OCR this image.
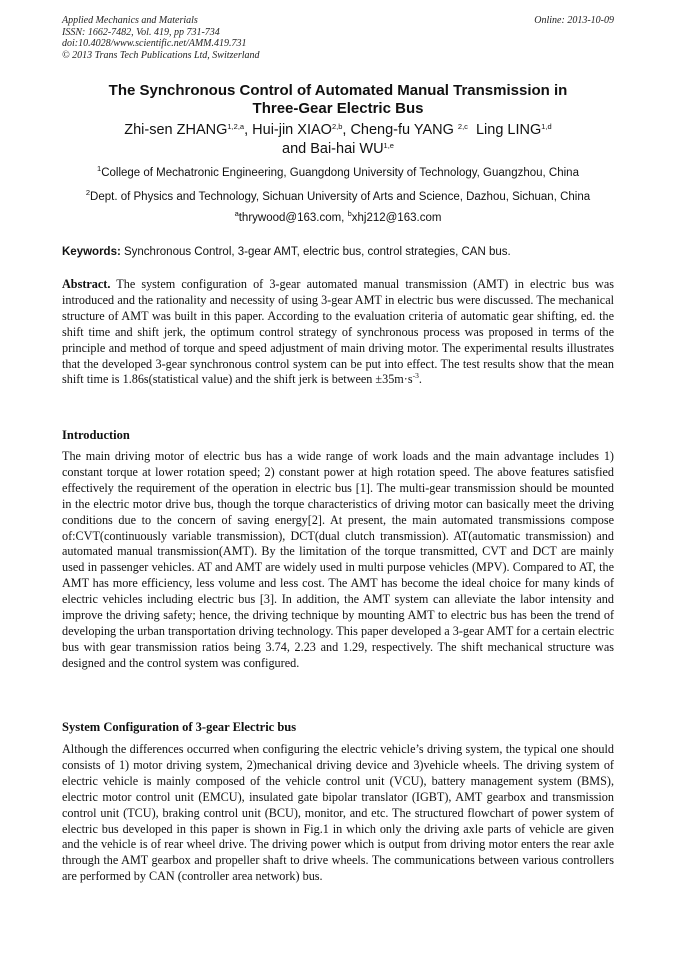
Applied Mechanics and Materials
ISSN: 1662-7482, Vol. 419, pp 731-734
doi:10.4028/www.scientific.net/AMM.419.731
© 2013 Trans Tech Publications Ltd, Switzerland
Online: 2013-10-09
The Synchronous Control of Automated Manual Transmission in
Three-Gear Electric Bus
Zhi-sen ZHANG$^{1,2,a}$, Hui-jin XIAO$^{2,b}$, Cheng-fu YANG $^{2,c}$ Ling LING$^{1,d}$
and Bai-hai WU$^{1,e}$
$^1$College of Mechatronic Engineering, Guangdong University of Technology, Guangzhou, China
$^2$Dept. of Physics and Technology, Sichuan University of Arts and Science, Dazhou, Sichuan, China
$^a$thrywood@163.com, $^b$xhj212@163.com
Keywords: Synchronous Control, 3-gear AMT, electric bus, control strategies, CAN bus.
Abstract. The system configuration of 3-gear automated manual transmission (AMT) in electric bus was introduced and the rationality and necessity of using 3-gear AMT in electric bus were discussed. The mechanical structure of AMT was built in this paper. According to the evaluation criteria of automatic gear shifting, ed. the shift time and shift jerk, the optimum control strategy of synchronous process was proposed in terms of the principle and method of torque and speed adjustment of main driving motor. The experimental results illustrates that the developed 3-gear synchronous control system can be put into effect. The test results show that the mean shift time is 1.86s(statistical value) and the shift jerk is between $\pm 35m\cdot s^{-3}$.
Introduction
The main driving motor of electric bus has a wide range of work loads and the main advantage includes 1) constant torque at lower rotation speed; 2) constant power at high rotation speed. The above features satisfied effectively the requirement of the operation in electric bus [1]. The multi-gear transmission should be mounted in the electric motor drive bus, though the torque characteristics of driving motor can basically meet the driving conditions due to the concern of saving energy[2]. At present, the main automated transmissions compose of:CVT(continuously variable transmission), DCT(dual clutch transmission). AT(automatic transmission) and automated manual transmission(AMT). By the limitation of the torque transmitted, CVT and DCT are mainly used in passenger vehicles. AT and AMT are widely used in multi purpose vehicles (MPV). Compared to AT, the AMT has more efficiency, less volume and less cost. The AMT has become the ideal choice for many kinds of electric vehicles including electric bus [3]. In addition, the AMT system can alleviate the labor intensity and improve the driving safety; hence, the driving technique by mounting AMT to electric bus has been the trend of developing the urban transportation driving technology. This paper developed a 3-gear AMT for a certain electric bus with gear transmission ratios being 3.74, 2.23 and 1.29, respectively. The shift mechanical structure was designed and the control system was configured.
System Configuration of 3-gear Electric bus
Although the differences occurred when configuring the electric vehicle’s driving system, the typical one should consists of 1) motor driving system, 2)mechanical driving device and 3)vehicle wheels. The driving system of electric vehicle is mainly composed of the vehicle control unit (VCU), battery management system (BMS), electric motor control unit (EMCU), insulated gate bipolar translator (IGBT), AMT gearbox and transmission control unit (TCU), braking control unit (BCU), monitor, and etc. The structured flowchart of power system of electric bus developed in this paper is shown in Fig.1 in which only the driving axle parts of vehicle are given and the vehicle is of rear wheel drive. The driving power which is output from driving motor enters the rear axle through the AMT gearbox and propeller shaft to drive wheels. The communications between various controllers are performed by CAN (controller area network) bus.
